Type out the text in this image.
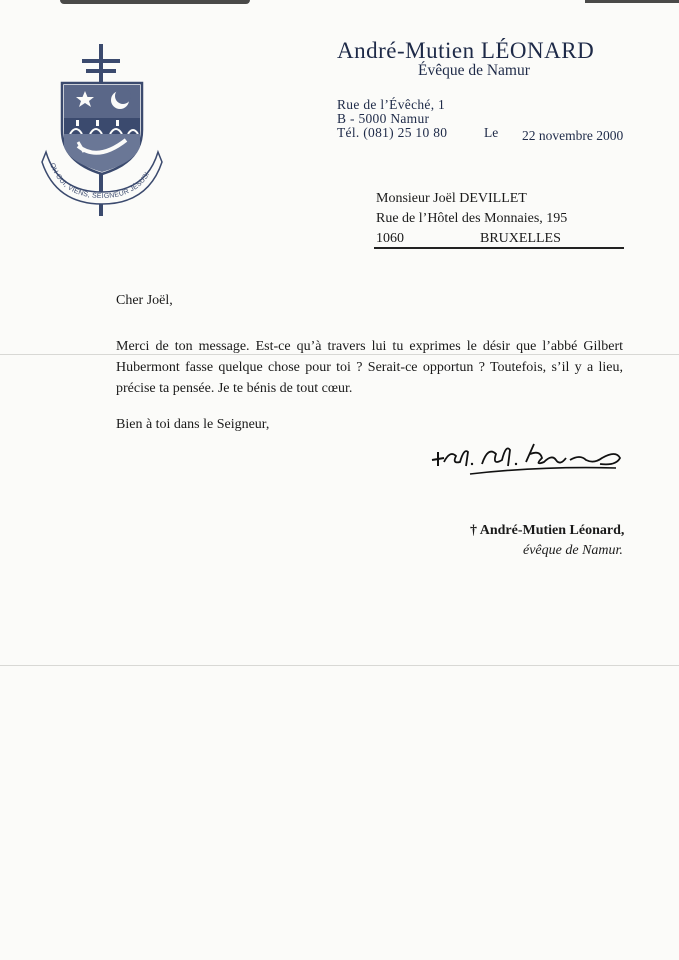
OH OUI, VIENS, SEIGNEUR JÉSUS!
André-Mutien LÉONARD
Évêque de Namur
Rue de l’Évêché, 1
B - 5000 Namur
Tél. (081) 25 10 80	Le 22 novembre 2000
Monsieur Joël DEVILLET
Rue de l’Hôtel des Monnaies, 195
1060	BRUXELLES
Cher Joël,
Merci de ton message. Est-ce qu’à travers lui tu exprimes le désir que l’abbé Gilbert Hubermont fasse quelque chose pour toi ? Serait-ce opportun ? Toutefois, s’il y a lieu, précise ta pensée. Je te bénis de tout cœur.
Bien à toi dans le Seigneur,
† André-Mutien Léonard,
évêque de Namur.
